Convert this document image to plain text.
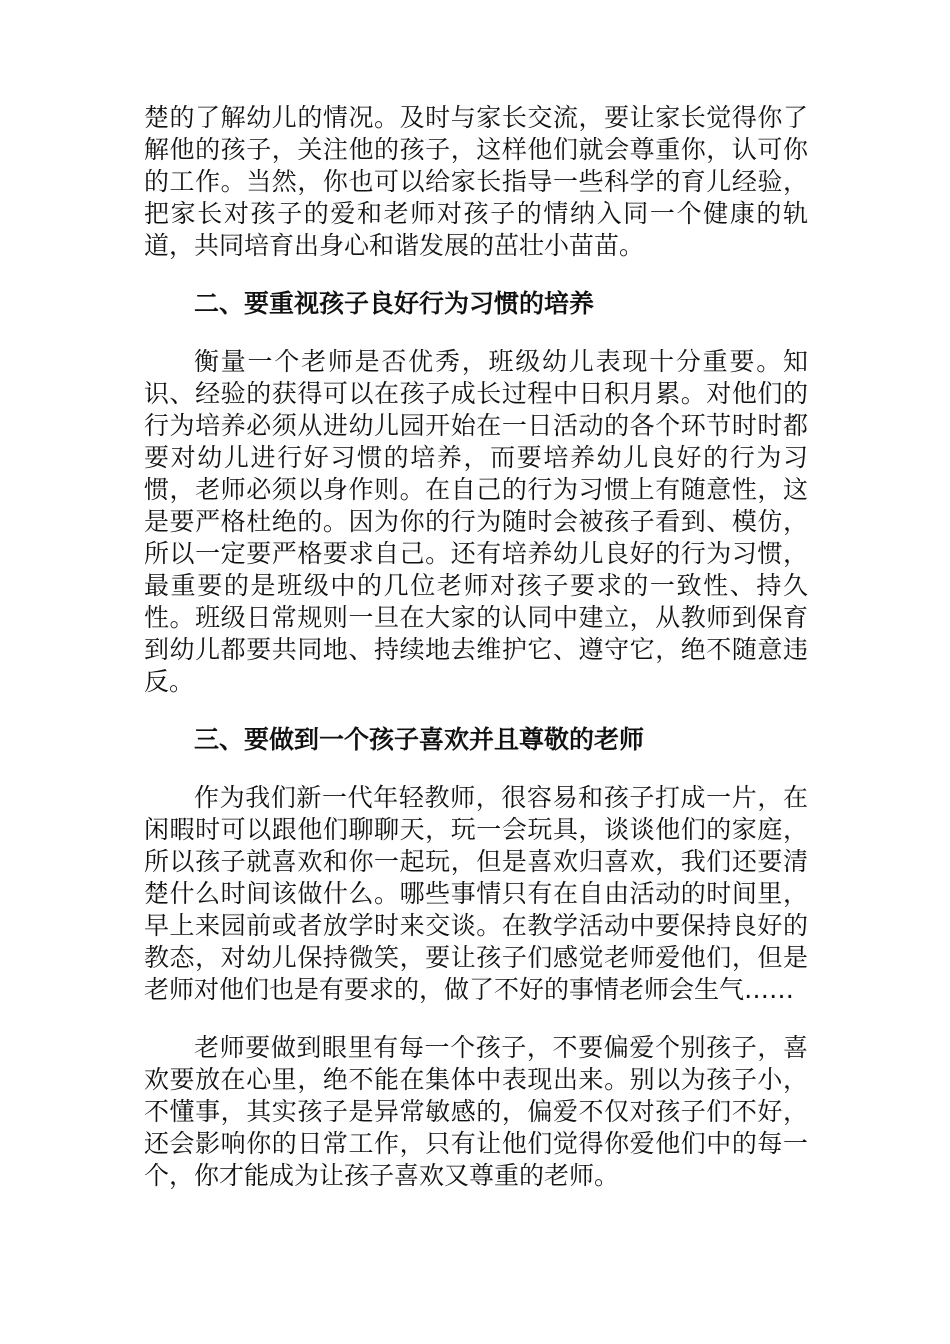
楚的了解幼儿的情况。及时与家长交流，要让家长觉得你了解他的孩子，关注他的孩子，这样他们就会尊重你，认可你的工作。当然，你也可以给家长指导一些科学的育儿经验，把家长对孩子的爱和老师对孩子的情纳入同一个健康的轨道，共同培育出身心和谐发展的茁壮小苗苗。

二、要重视孩子良好行为习惯的培养

衡量一个老师是否优秀，班级幼儿表现十分重要。知识、经验的获得可以在孩子成长过程中日积月累。对他们的行为培养必须从进幼儿园开始在一日活动的各个环节时时都要对幼儿进行好习惯的培养，而要培养幼儿良好的行为习惯，老师必须以身作则。在自己的行为习惯上有随意性，这是要严格杜绝的。因为你的行为随时会被孩子看到、模仿，所以一定要严格要求自己。还有培养幼儿良好的行为习惯，最重要的是班级中的几位老师对孩子要求的一致性、持久性。班级日常规则一旦在大家的认同中建立，从教师到保育到幼儿都要共同地、持续地去维护它、遵守它，绝不随意违反。

三、要做到一个孩子喜欢并且尊敬的老师

作为我们新一代年轻教师，很容易和孩子打成一片，在闲暇时可以跟他们聊聊天，玩一会玩具，谈谈他们的家庭，所以孩子就喜欢和你一起玩，但是喜欢归喜欢，我们还要清楚什么时间该做什么。哪些事情只有在自由活动的时间里，早上来园前或者放学时来交谈。在教学活动中要保持良好的教态，对幼儿保持微笑，要让孩子们感觉老师爱他们，但是老师对他们也是有要求的，做了不好的事情老师会生气……

老师要做到眼里有每一个孩子，不要偏爱个别孩子，喜欢要放在心里，绝不能在集体中表现出来。别以为孩子小，不懂事，其实孩子是异常敏感的，偏爱不仅对孩子们不好，还会影响你的日常工作，只有让他们觉得你爱他们中的每一个，你才能成为让孩子喜欢又尊重的老师。
